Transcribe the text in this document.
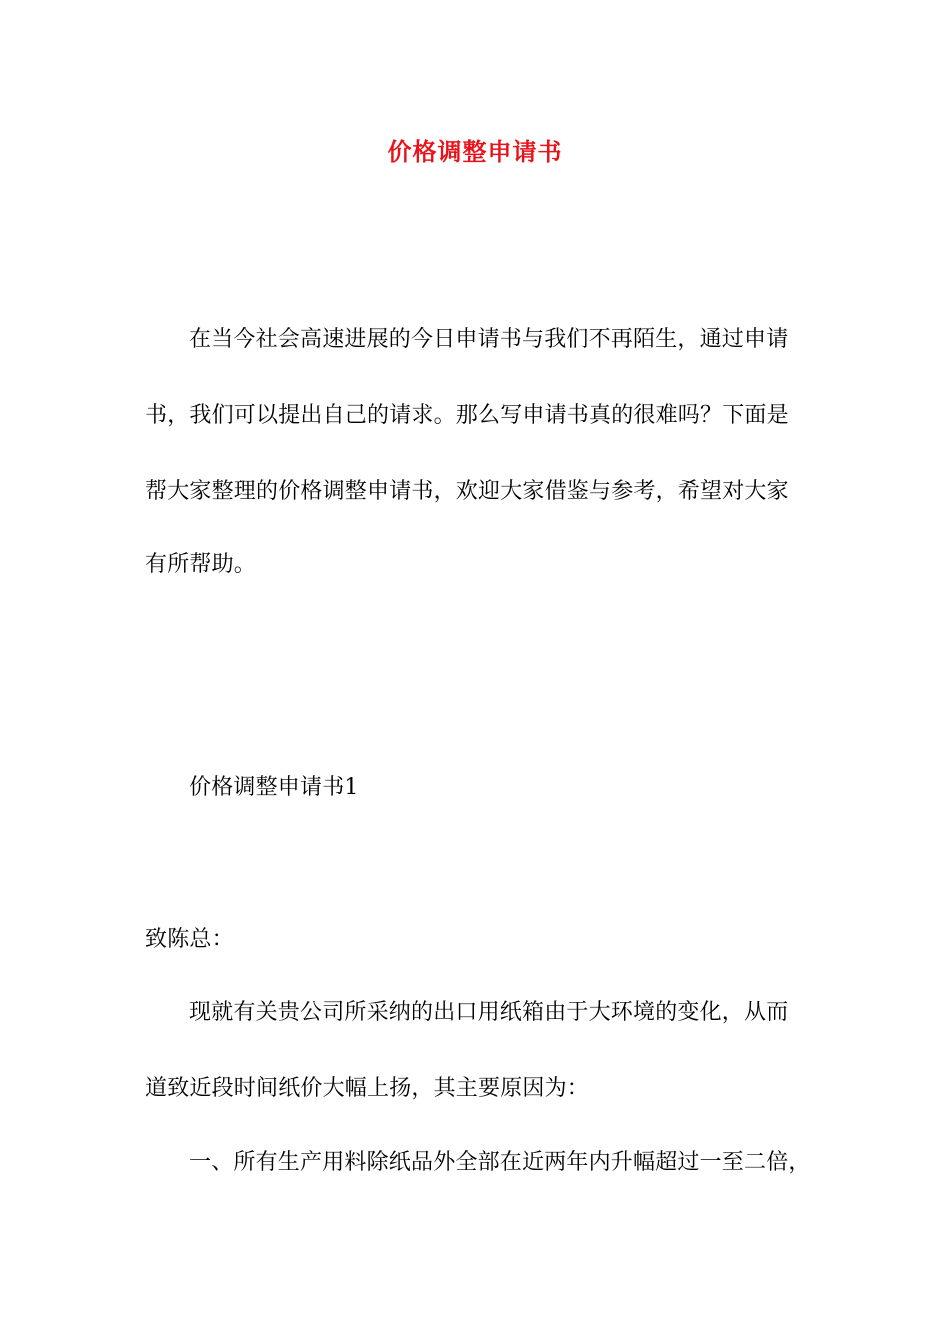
价格调整申请书
在当今社会高速进展的今日申请书与我们不再陌生，通过申请
书，我们可以提出自己的请求。那么写申请书真的很难吗？下面是
帮大家整理的价格调整申请书，欢迎大家借鉴与参考，希望对大家
有所帮助。
价格调整申请书1
致陈总：
现就有关贵公司所采纳的出口用纸箱由于大环境的变化，从而
道致近段时间纸价大幅上扬，其主要原因为：
一、所有生产用料除纸品外全部在近两年内升幅超过一至二倍，
